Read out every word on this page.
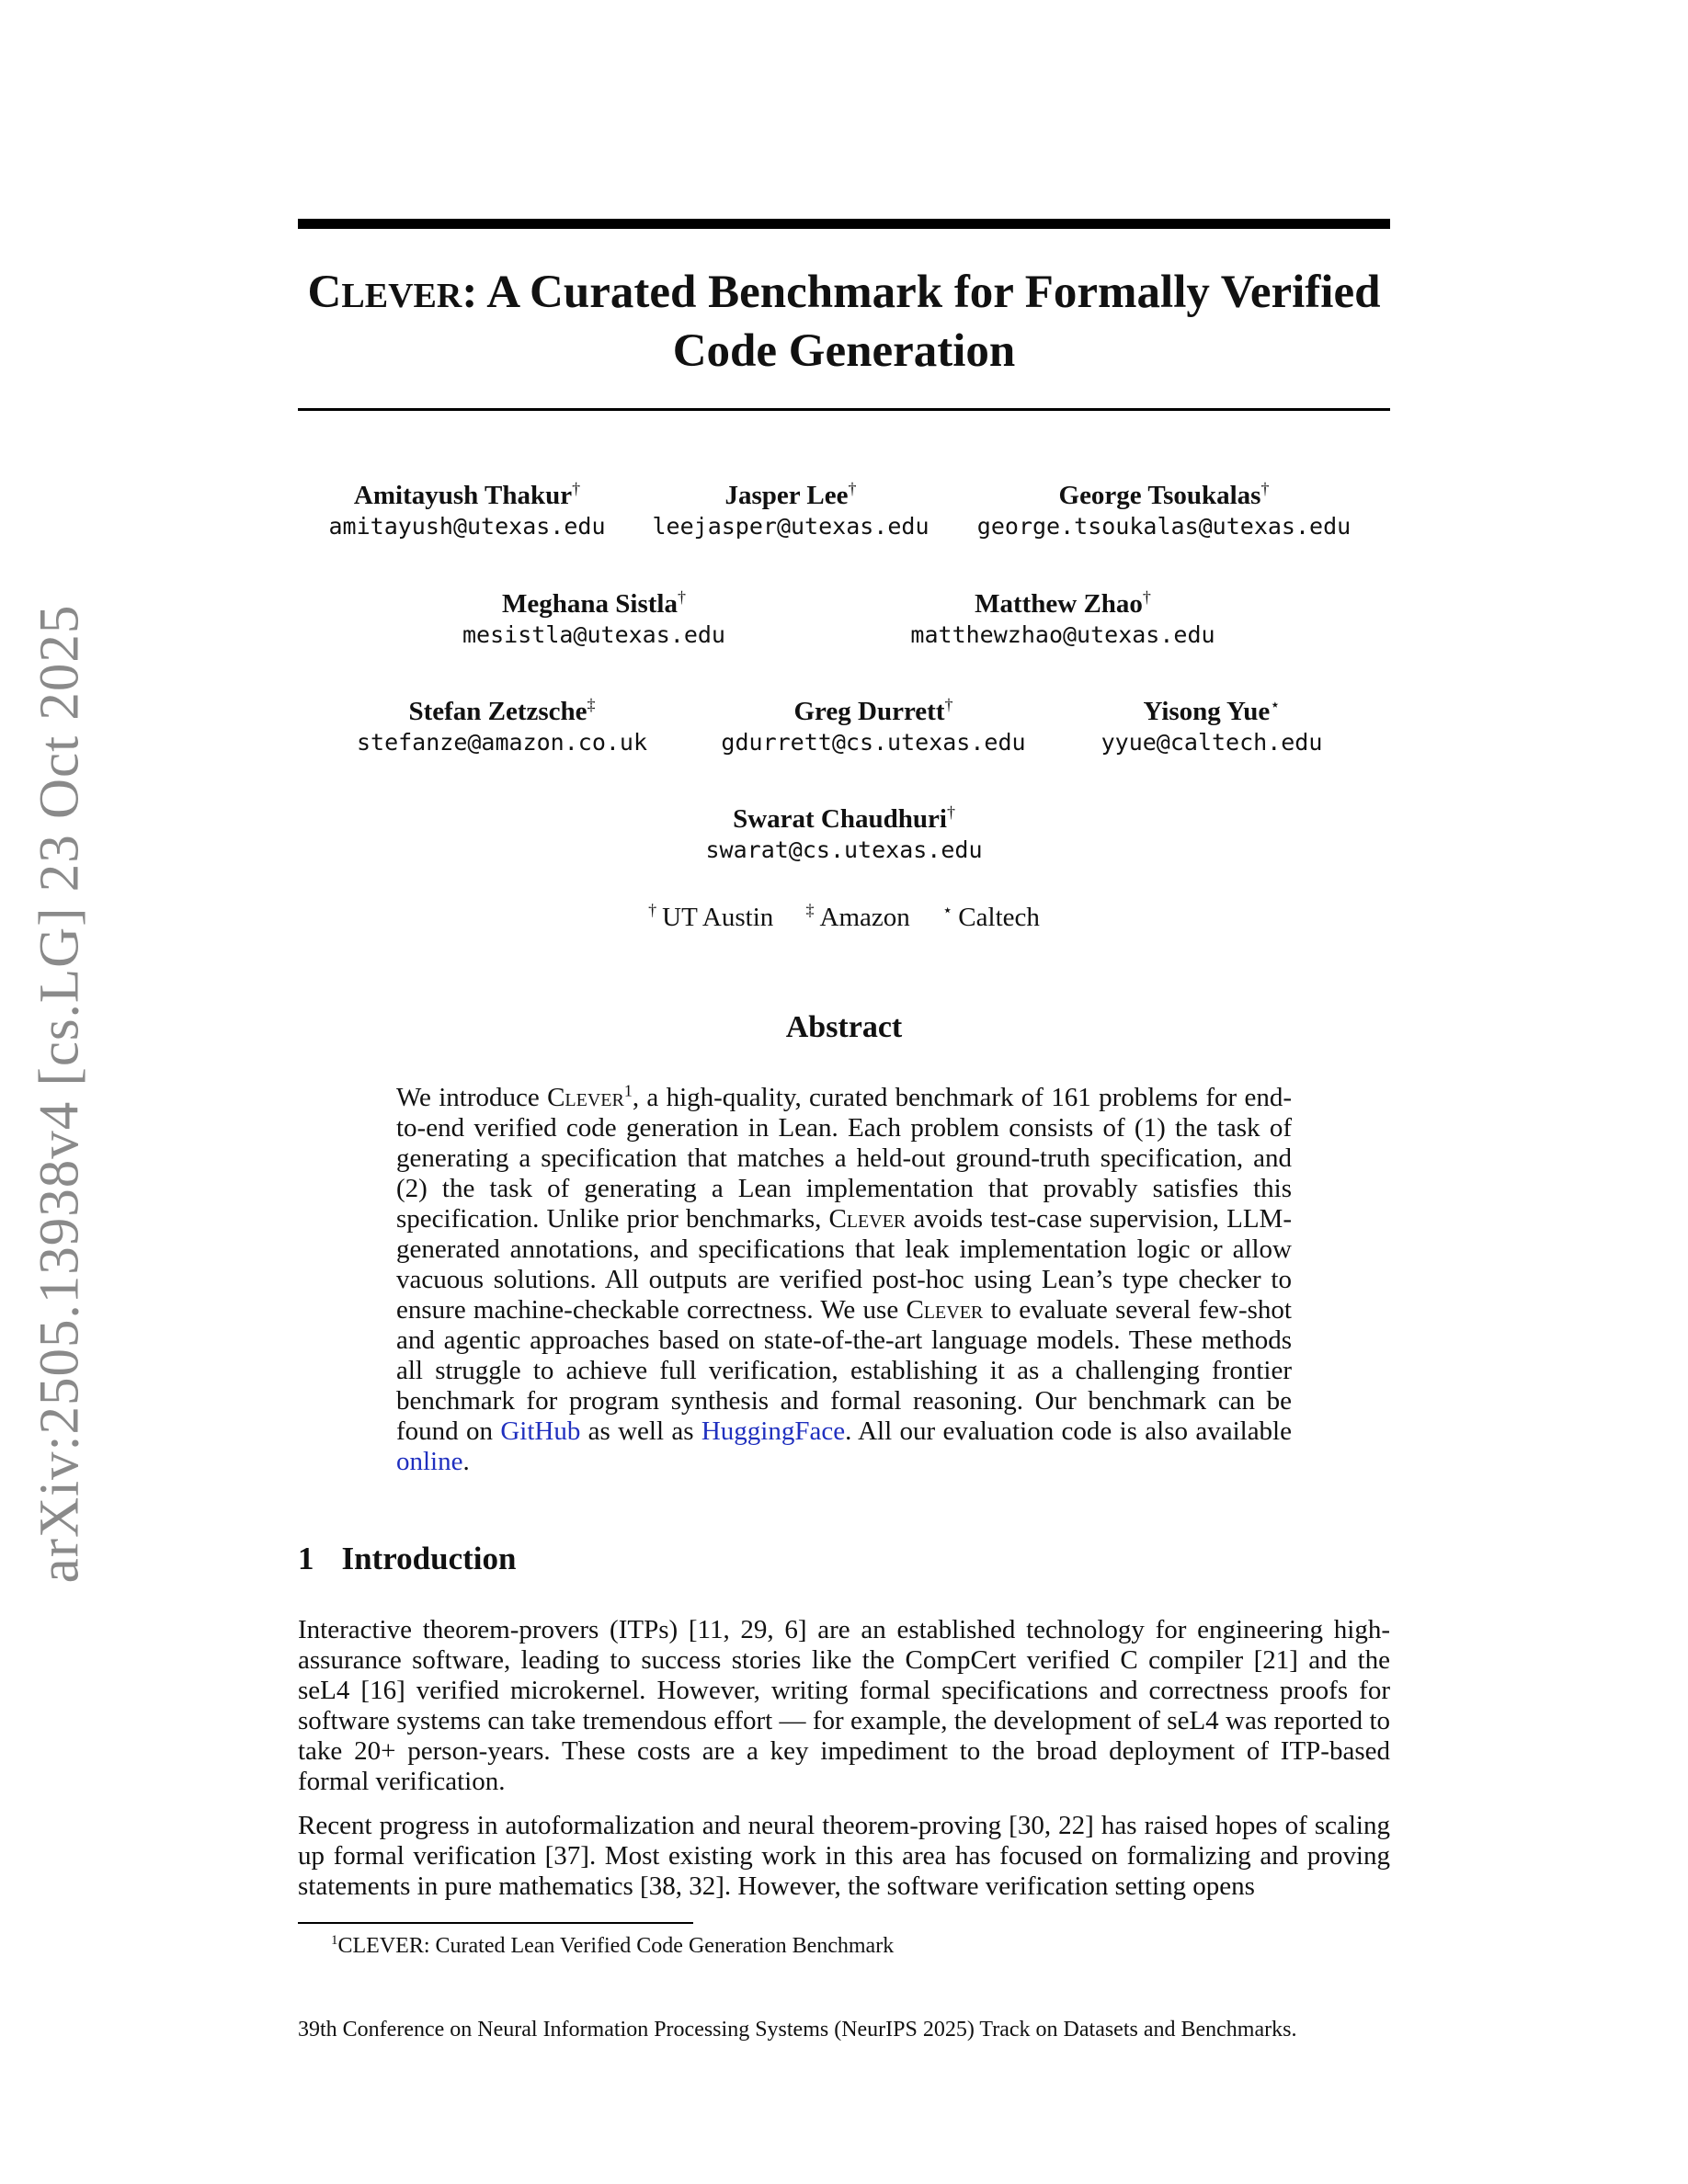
arXiv:2505.13938v4 [cs.LG] 23 Oct 2025
CLEVER: A Curated Benchmark for Formally Verified
Code Generation
Amitayush Thakur†
amitayush@utexas.edu
Jasper Lee†
leejasper@utexas.edu
George Tsoukalas†
george.tsoukalas@utexas.edu
Meghana Sistla†
mesistla@utexas.edu
Matthew Zhao†
matthewzhao@utexas.edu
Stefan Zetzsche‡
stefanze@amazon.co.uk
Greg Durrett†
gdurrett@cs.utexas.edu
Yisong Yue⋆
yyue@caltech.edu
Swarat Chaudhuri†
swarat@cs.utexas.edu
† UT Austin ‡ Amazon ⋆ Caltech
Abstract

We introduce Clever$^1$, a high-quality, curated benchmark of 161 problems for end-to-end verified code generation in Lean. Each problem consists of (1) the task of generating a specification that matches a held-out ground-truth specification, and (2) the task of generating a Lean implementation that provably satisfies this specification. Unlike prior benchmarks, Clever avoids test-case supervision, LLM-generated annotations, and specifications that leak implementation logic or allow vacuous solutions. All outputs are verified post-hoc using Lean’s type checker to ensure machine-checkable correctness. We use Clever to evaluate several few-shot and agentic approaches based on state-of-the-art language models. These methods all struggle to achieve full verification, establishing it as a challenging frontier benchmark for program synthesis and formal reasoning. Our benchmark can be found on GitHub as well as HuggingFace. All our evaluation code is also available online.

1 Introduction

Interactive theorem-provers (ITPs) [11, 29, 6] are an established technology for engineering high-assurance software, leading to success stories like the CompCert verified C compiler [21] and the seL4 [16] verified microkernel. However, writing formal specifications and correctness proofs for software systems can take tremendous effort — for example, the development of seL4 was reported to take 20+ person-years. These costs are a key impediment to the broad deployment of ITP-based formal verification.

Recent progress in autoformalization and neural theorem-proving [30, 22] has raised hopes of scaling up formal verification [37]. Most existing work in this area has focused on formalizing and proving statements in pure mathematics [38, 32]. However, the software verification setting opens

$^1$CLEVER: Curated Lean Verified Code Generation Benchmark
39th Conference on Neural Information Processing Systems (NeurIPS 2025) Track on Datasets and Benchmarks.
